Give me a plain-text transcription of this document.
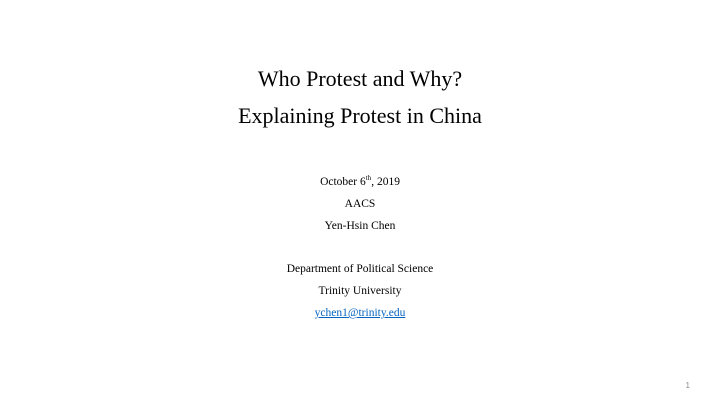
Who Protest and Why?
Explaining Protest in China
October 6th, 2019
AACS
Yen-Hsin Chen
Department of Political Science
Trinity University
ychen1@trinity.edu
1
